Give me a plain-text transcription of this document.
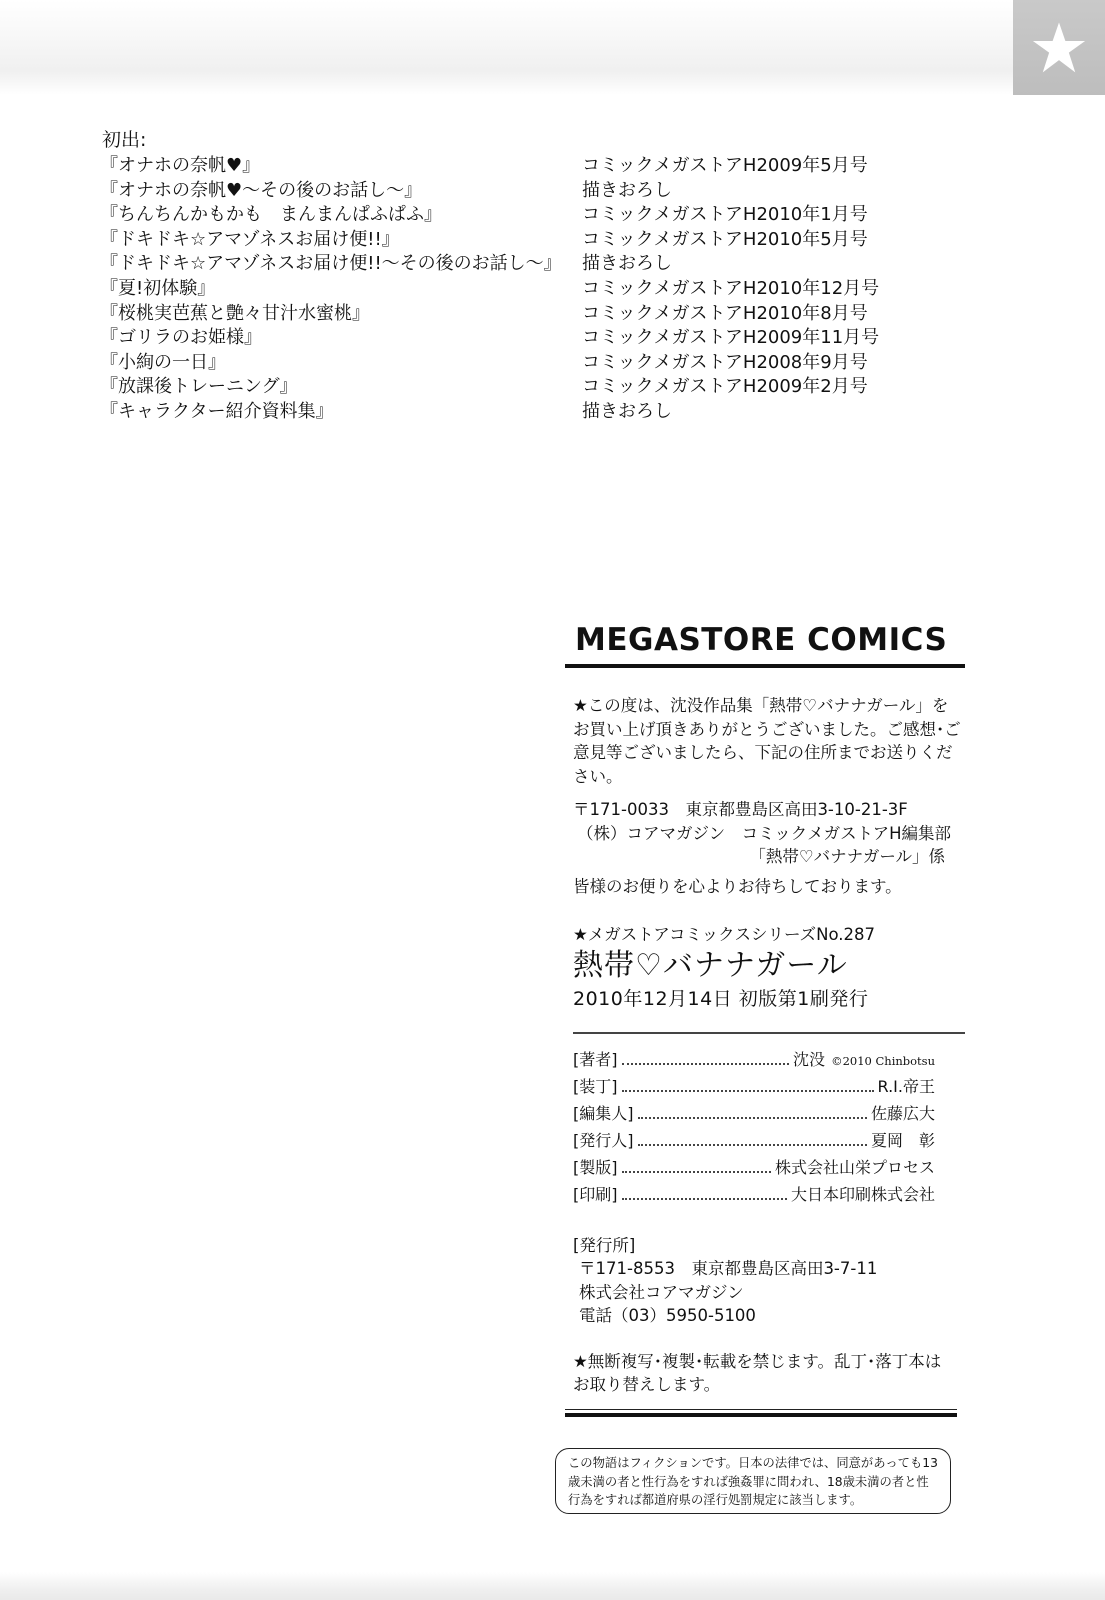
初出:
『オナホの奈帆♥』	コミックメガストアH2009年5月号
『オナホの奈帆♥～その後のお話し～』	描きおろし
『ちんちんかもかも　まんまんぱふぱふ』	コミックメガストアH2010年1月号
『ドキドキ☆アマゾネスお届け便!!』	コミックメガストアH2010年5月号
『ドキドキ☆アマゾネスお届け便!!～その後のお話し～』 描きおろし
『夏!初体験』	コミックメガストアH2010年12月号
『桜桃実芭蕉と艶々甘汁水蜜桃』	コミックメガストアH2010年8月号
『ゴリラのお姫様』	コミックメガストアH2009年11月号
『小絢の一日』	コミックメガストアH2008年9月号
『放課後トレーニング』	コミックメガストアH2009年2月号
『キャラクター紹介資料集』	描きおろし
MEGASTORE COMICS
★この度は、沈没作品集「熱帯♡バナナガール」をお買い上げ頂きありがとうございました。ご感想･ご意見等ございましたら、下記の住所までお送りください。
〒171-0033　東京都豊島区高田3-10-21-3F
（株）コアマガジン　コミックメガストアH編集部
「熱帯♡バナナガール」係
皆様のお便りを心よりお待ちしております。
★メガストアコミックスシリーズNo.287
熱帯♡バナナガール
2010年12月14日 初版第1刷発行
[著者]	沈没 ©2010 Chinbotsu
[装丁]	R.I.帝王
[編集人]	佐藤広大
[発行人]	夏岡　彰
[製版]	株式会社山栄プロセス
[印刷]	大日本印刷株式会社
[発行所]
〒171-8553　東京都豊島区高田3-7-11
株式会社コアマガジン
電話（03）5950-5100
★無断複写･複製･転載を禁じます。乱丁･落丁本はお取り替えします。
この物語はフィクションです。日本の法律では、同意があっても13歳未満の者と性行為をすれば強姦罪に問われ、18歳未満の者と性行為をすれば都道府県の淫行処罰規定に該当します。
